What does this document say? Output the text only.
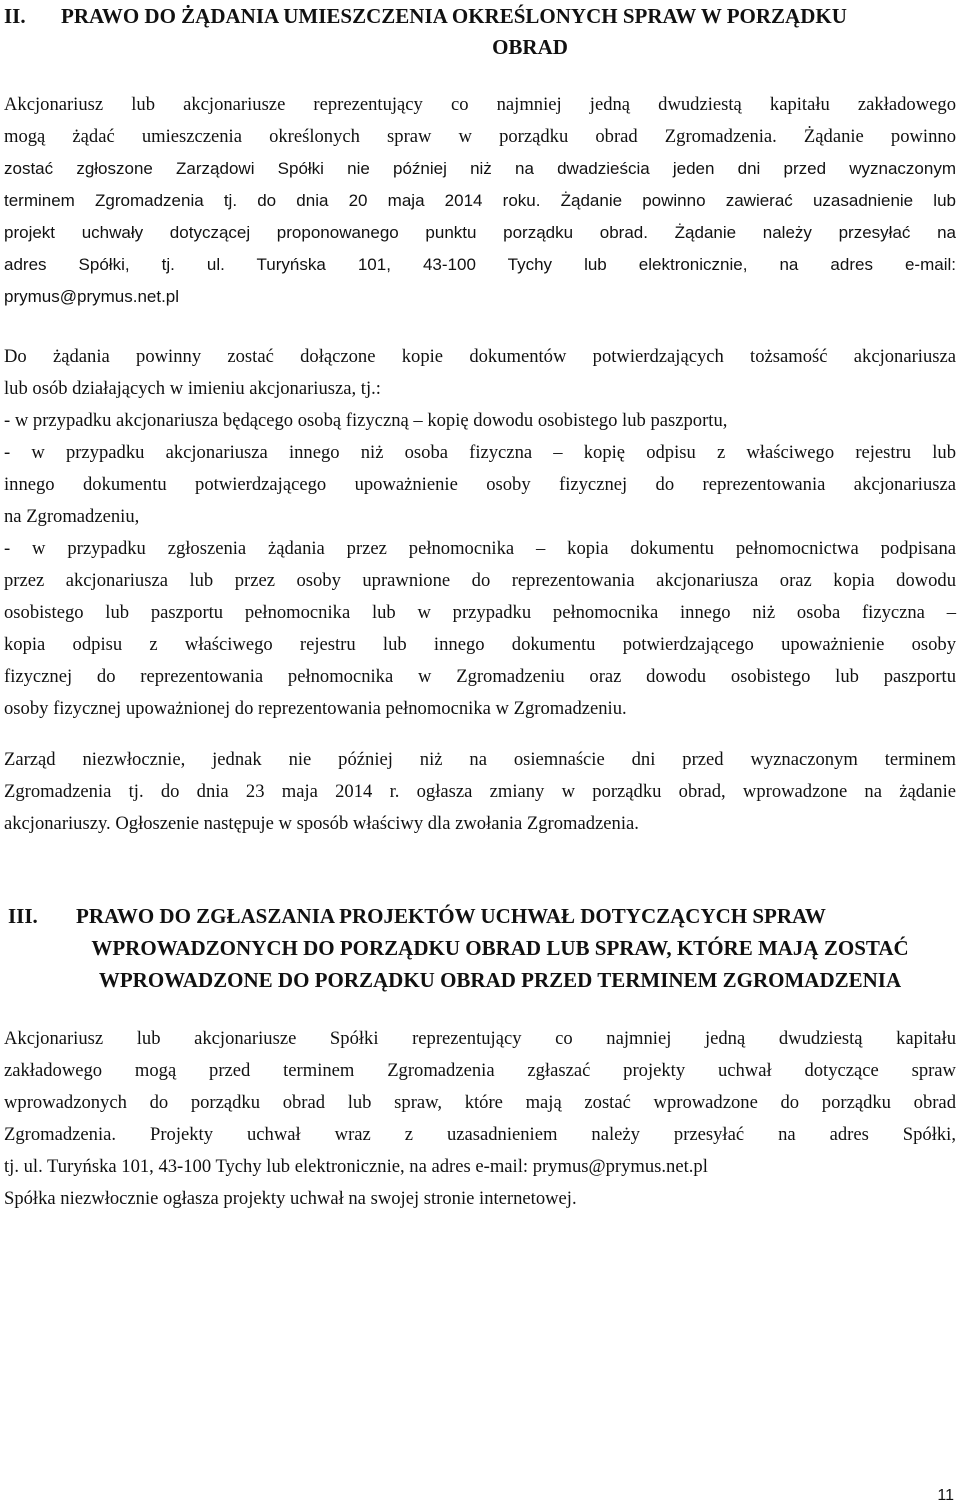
II. PRAWO DO ŻĄDANIA UMIESZCZENIA OKREŚLONYCH SPRAW W PORZĄDKU
OBRAD
Akcjonariusz lub akcjonariusze reprezentujący co najmniej jedną dwudziestą kapitału zakładowego
mogą żądać umieszczenia określonych spraw w porządku obrad Zgromadzenia. Żądanie powinno
zostać zgłoszone Zarządowi Spółki nie później niż na dwadzieścia jeden dni przed wyznaczonym
terminem Zgromadzenia tj. do dnia 20 maja 2014 roku. Żądanie powinno zawierać uzasadnienie lub
projekt uchwały dotyczącej proponowanego punktu porządku obrad. Żądanie należy przesyłać na
adres Spółki, tj. ul. Turyńska 101, 43-100 Tychy lub elektronicznie, na adres e-mail:
prymus@prymus.net.pl
Do żądania powinny zostać dołączone kopie dokumentów potwierdzających tożsamość akcjonariusza
lub osób działających w imieniu akcjonariusza, tj.:
- w przypadku akcjonariusza będącego osobą fizyczną – kopię dowodu osobistego lub paszportu,
- w przypadku akcjonariusza innego niż osoba fizyczna – kopię odpisu z właściwego rejestru lub
innego dokumentu potwierdzającego upoważnienie osoby fizycznej do reprezentowania akcjonariusza
na Zgromadzeniu,
- w przypadku zgłoszenia żądania przez pełnomocnika – kopia dokumentu pełnomocnictwa podpisana
przez akcjonariusza lub przez osoby uprawnione do reprezentowania akcjonariusza oraz kopia dowodu
osobistego lub paszportu pełnomocnika lub w przypadku pełnomocnika innego niż osoba fizyczna –
kopia odpisu z właściwego rejestru lub innego dokumentu potwierdzającego upoważnienie osoby
fizycznej do reprezentowania pełnomocnika w Zgromadzeniu oraz dowodu osobistego lub paszportu
osoby fizycznej upoważnionej do reprezentowania pełnomocnika w Zgromadzeniu.
Zarząd niezwłocznie, jednak nie później niż na osiemnaście dni przed wyznaczonym terminem
Zgromadzenia tj. do dnia 23 maja 2014 r. ogłasza zmiany w porządku obrad, wprowadzone na żądanie
akcjonariuszy. Ogłoszenie następuje w sposób właściwy dla zwołania Zgromadzenia.
III. PRAWO DO ZGŁASZANIA PROJEKTÓW UCHWAŁ DOTYCZĄCYCH SPRAW
WPROWADZONYCH DO PORZĄDKU OBRAD LUB SPRAW, KTÓRE MAJĄ ZOSTAĆ
WPROWADZONE DO PORZĄDKU OBRAD PRZED TERMINEM ZGROMADZENIA
Akcjonariusz lub akcjonariusze Spółki reprezentujący co najmniej jedną dwudziestą kapitału
zakładowego mogą przed terminem Zgromadzenia zgłaszać projekty uchwał dotyczące spraw
wprowadzonych do porządku obrad lub spraw, które mają zostać wprowadzone do porządku obrad
Zgromadzenia. Projekty uchwał wraz z uzasadnieniem należy przesyłać na adres Spółki,
tj. ul. Turyńska 101, 43-100 Tychy lub elektronicznie, na adres e-mail: prymus@prymus.net.pl
Spółka niezwłocznie ogłasza projekty uchwał na swojej stronie internetowej.
11
